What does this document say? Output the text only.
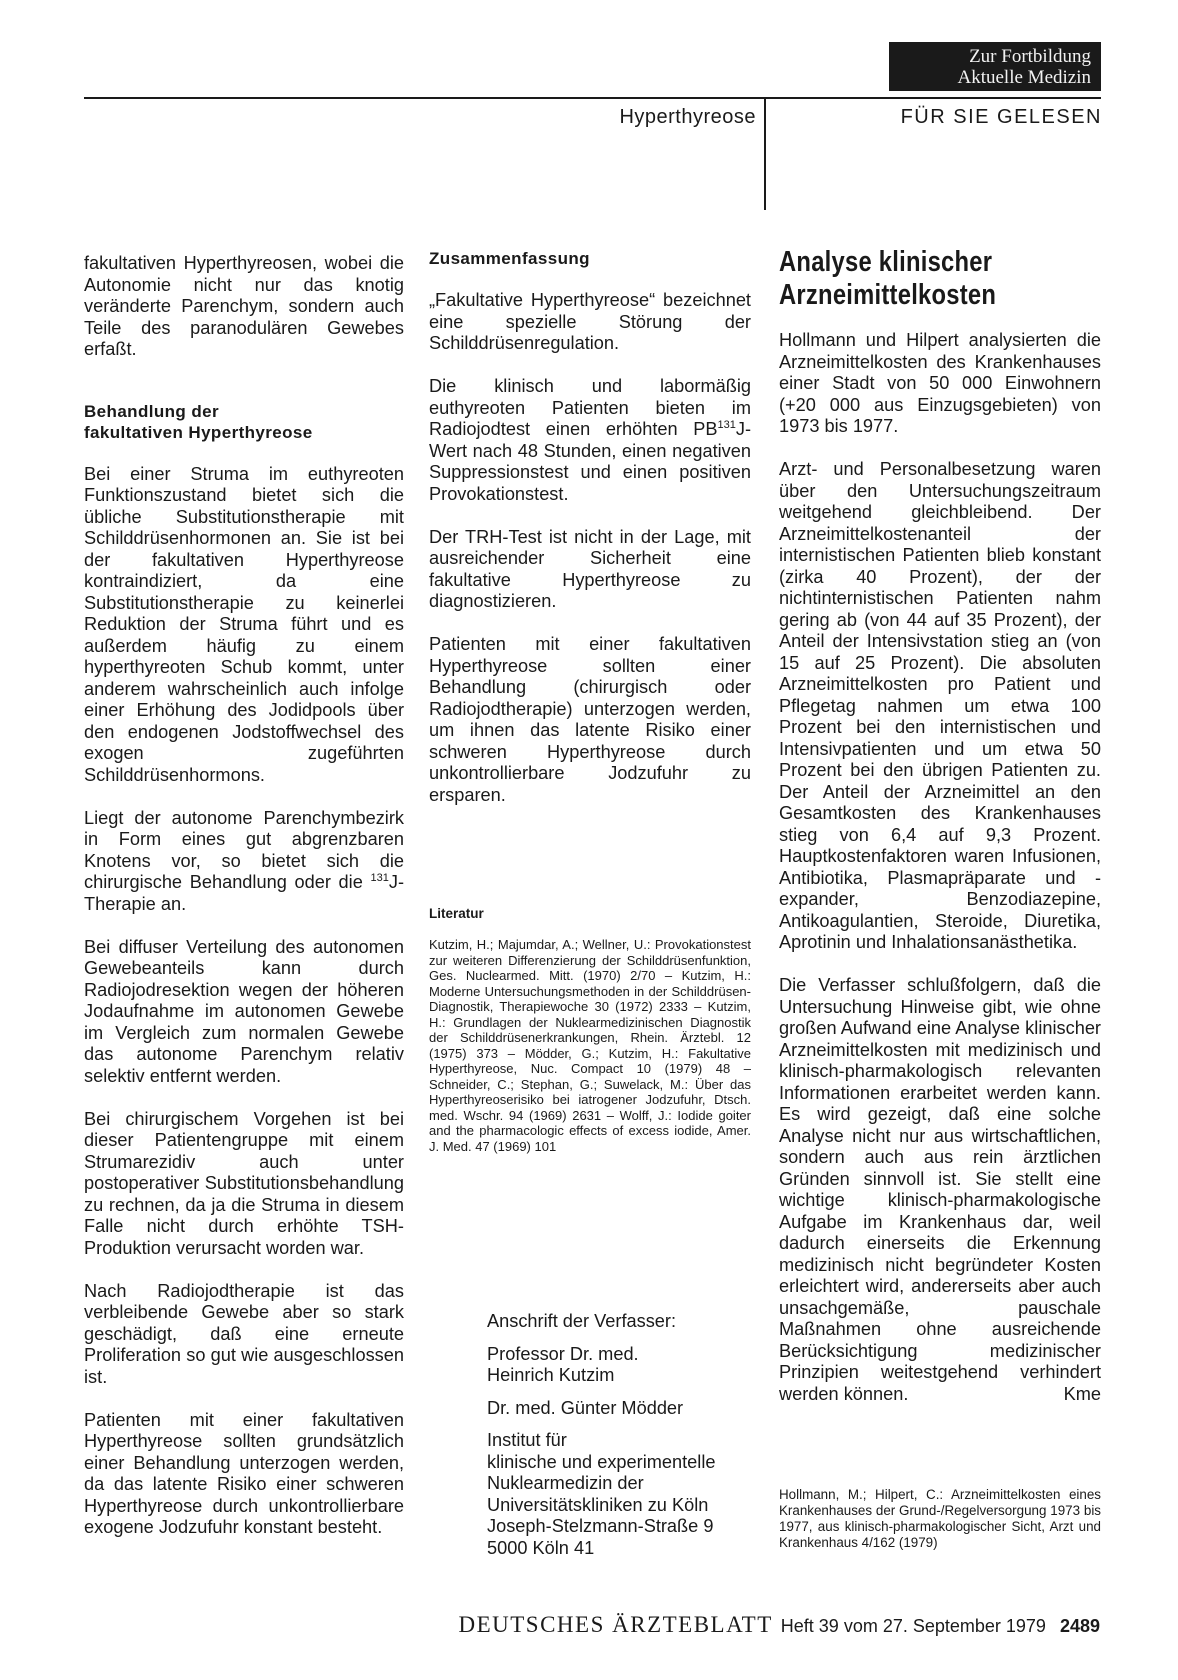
Zur Fortbildung
Aktuelle Medizin
Hyperthyreose	FÜR SIE GELESEN

fakultativen Hyperthyreosen, wobei die Autonomie nicht nur das knotig veränderte Parenchym, sondern auch Teile des paranodulären Gewebes erfaßt.

Behandlung der
fakultativen Hyperthyreose

Bei einer Struma im euthyreoten Funktionszustand bietet sich die übliche Substitutionstherapie mit Schilddrüsenhormonen an. Sie ist bei der fakultativen Hyperthyreose kontraindiziert, da eine Substitutionstherapie zu keinerlei Reduktion der Struma führt und es außerdem häufig zu einem hyperthyreoten Schub kommt, unter anderem wahrscheinlich auch infolge einer Erhöhung des Jodidpools über den endogenen Jodstoffwechsel des exogen zugeführten Schilddrüsenhormons.

Liegt der autonome Parenchymbezirk in Form eines gut abgrenzbaren Knotens vor, so bietet sich die chirurgische Behandlung oder die $^{131}$J-Therapie an.

Bei diffuser Verteilung des autonomen Gewebeanteils kann durch Radiojodresektion wegen der höheren Jodaufnahme im autonomen Gewebe im Vergleich zum normalen Gewebe das autonome Parenchym relativ selektiv entfernt werden.

Bei chirurgischem Vorgehen ist bei dieser Patientengruppe mit einem Strumarezidiv auch unter postoperativer Substitutionsbehandlung zu rechnen, da ja die Struma in diesem Falle nicht durch erhöhte TSH-Produktion verursacht worden war.

Nach Radiojodtherapie ist das verbleibende Gewebe aber so stark geschädigt, daß eine erneute Proliferation so gut wie ausgeschlossen ist.

Patienten mit einer fakultativen Hyperthyreose sollten grundsätzlich einer Behandlung unterzogen werden, da das latente Risiko einer schweren Hyperthyreose durch unkontrollierbare exogene Jodzufuhr konstant besteht.

Zusammenfassung

„Fakultative Hyperthyreose“ bezeichnet eine spezielle Störung der Schilddrüsenregulation.

Die klinisch und labormäßig euthyreoten Patienten bieten im Radiojodtest einen erhöhten PB$^{131}$J-Wert nach 48 Stunden, einen negativen Suppressionstest und einen positiven Provokationstest.

Der TRH-Test ist nicht in der Lage, mit ausreichender Sicherheit eine fakultative Hyperthyreose zu diagnostizieren.

Patienten mit einer fakultativen Hyperthyreose sollten einer Behandlung (chirurgisch oder Radiojodtherapie) unterzogen werden, um ihnen das latente Risiko einer schweren Hyperthyreose durch unkontrollierbare Jodzufuhr zu ersparen.

Literatur
Kutzim, H.; Majumdar, A.; Wellner, U.: Provokationstest zur weiteren Differenzierung der Schilddrüsenfunktion, Ges. Nuclearmed. Mitt. (1970) 2/70 – Kutzim, H.: Moderne Untersuchungsmethoden in der Schilddrüsen-Diagnostik, Therapiewoche 30 (1972) 2333 – Kutzim, H.: Grundlagen der Nuklearmedizinischen Diagnostik der Schilddrüsenerkrankungen, Rhein. Ärztebl. 12 (1975) 373 – Mödder, G.; Kutzim, H.: Fakultative Hyperthyreose, Nuc. Compact 10 (1979) 48 – Schneider, C.; Stephan, G.; Suwelack, M.: Über das Hyperthyreoserisiko bei iatrogener Jodzufuhr, Dtsch. med. Wschr. 94 (1969) 2631 – Wolff, J.: Iodide goiter and the pharmacologic effects of excess iodide, Amer. J. Med. 47 (1969) 101
Anschrift der Verfasser:
Professor Dr. med.
Heinrich Kutzim
Dr. med. Günter Mödder
Institut für
klinische und experimentelle
Nuklearmedizin der
Universitätskliniken zu Köln
Joseph-Stelzmann-Straße 9
5000 Köln 41
Analyse klinischer
Arzneimittelkosten

Hollmann und Hilpert analysierten die Arzneimittelkosten des Krankenhauses einer Stadt von 50 000 Einwohnern (+20 000 aus Einzugsgebieten) von 1973 bis 1977.

Arzt- und Personalbesetzung waren über den Untersuchungszeitraum weitgehend gleichbleibend. Der Arzneimittelkostenanteil der internistischen Patienten blieb konstant (zirka 40 Prozent), der der nichtinternistischen Patienten nahm gering ab (von 44 auf 35 Prozent), der Anteil der Intensivstation stieg an (von 15 auf 25 Prozent). Die absoluten Arzneimittelkosten pro Patient und Pflegetag nahmen um etwa 100 Prozent bei den internistischen und Intensivpatienten und um etwa 50 Prozent bei den übrigen Patienten zu. Der Anteil der Arzneimittel an den Gesamtkosten des Krankenhauses stieg von 6,4 auf 9,3 Prozent. Hauptkostenfaktoren waren Infusionen, Antibiotika, Plasmapräparate und -expander, Benzodiazepine, Antikoagulantien, Steroide, Diuretika, Aprotinin und Inhalationsanästhetika.

Die Verfasser schlußfolgern, daß die Untersuchung Hinweise gibt, wie ohne großen Aufwand eine Analyse klinischer Arzneimittelkosten mit medizinisch und klinisch-pharmakologisch relevanten Informationen erarbeitet werden kann. Es wird gezeigt, daß eine solche Analyse nicht nur aus wirtschaftlichen, sondern auch aus rein ärztlichen Gründen sinnvoll ist. Sie stellt eine wichtige klinisch-pharmakologische Aufgabe im Krankenhaus dar, weil dadurch einerseits die Erkennung medizinisch nicht begründeter Kosten erleichtert wird, andererseits aber auch unsachgemäße, pauschale Maßnahmen ohne ausreichende Berücksichtigung medizinischer Prinzipien weitestgehend verhindert werden können.	Kme

Hollmann, M.; Hilpert, C.: Arzneimittelkosten eines Krankenhauses der Grund-/Regelversorgung 1973 bis 1977, aus klinisch-pharmakologischer Sicht, Arzt und Krankenhaus 4/162 (1979)
DEUTSCHES ÄRZTEBLATT Heft 39 vom 27. September 1979 2489
